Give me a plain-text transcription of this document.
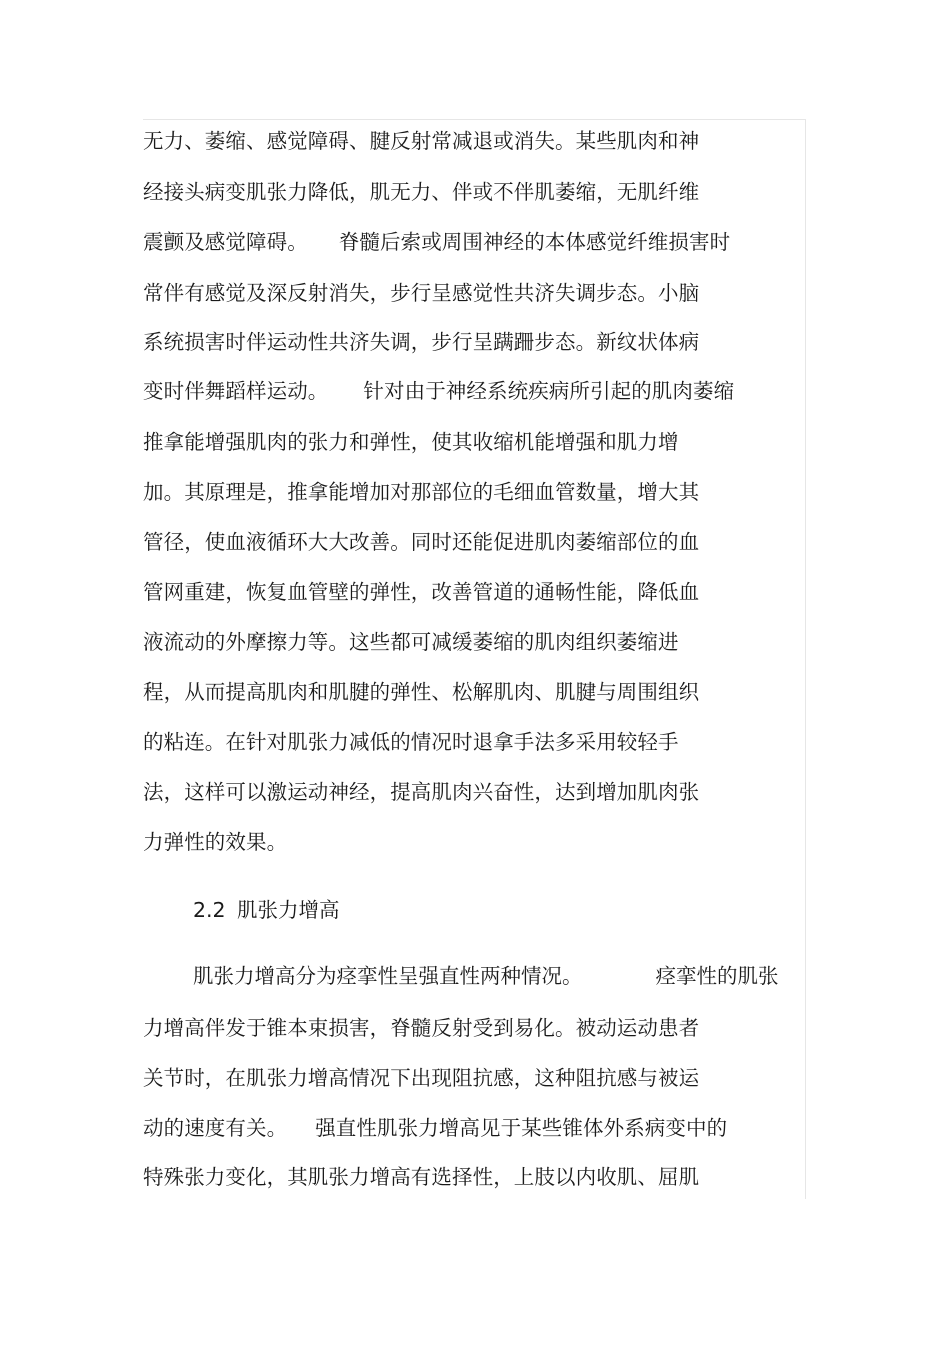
无力、萎缩、感觉障碍、腱反射常减退或消失。某些肌肉和神
经接头病变肌张力降低，肌无力、伴或不伴肌萎缩，无肌纤维
震颤及感觉障碍。 脊髓后索或周围神经的本体感觉纤维损害时
常伴有感觉及深反射消失，步行呈感觉性共济失调步态。小脑
系统损害时伴运动性共济失调，步行呈蹒跚步态。新纹状体病
变时伴舞蹈样运动。 针对由于神经系统疾病所引起的肌肉萎缩
推拿能增强肌肉的张力和弹性，使其收缩机能增强和肌力增
加。其原理是，推拿能增加对那部位的毛细血管数量，增大其
管径，使血液循环大大改善。同时还能促进肌肉萎缩部位的血
管网重建，恢复血管壁的弹性，改善管道的通畅性能，降低血
液流动的外摩擦力等。这些都可减缓萎缩的肌肉组织萎缩进
程，从而提高肌肉和肌腱的弹性、松解肌肉、肌腱与周围组织
的粘连。在针对肌张力减低的情况时退拿手法多采用较轻手
法，这样可以激运动神经，提高肌肉兴奋性，达到增加肌肉张
力弹性的效果。
2.2 肌张力增高
肌张力增高分为痉挛性呈强直性两种情况。	痉挛性的肌张
力增高伴发于锥本束损害，脊髓反射受到易化。被动运动患者
关节时，在肌张力增高情况下出现阻抗感，这种阻抗感与被运
动的速度有关。 强直性肌张力增高见于某些锥体外系病变中的
特殊张力变化，其肌张力增高有选择性，上肢以内收肌、屈肌
